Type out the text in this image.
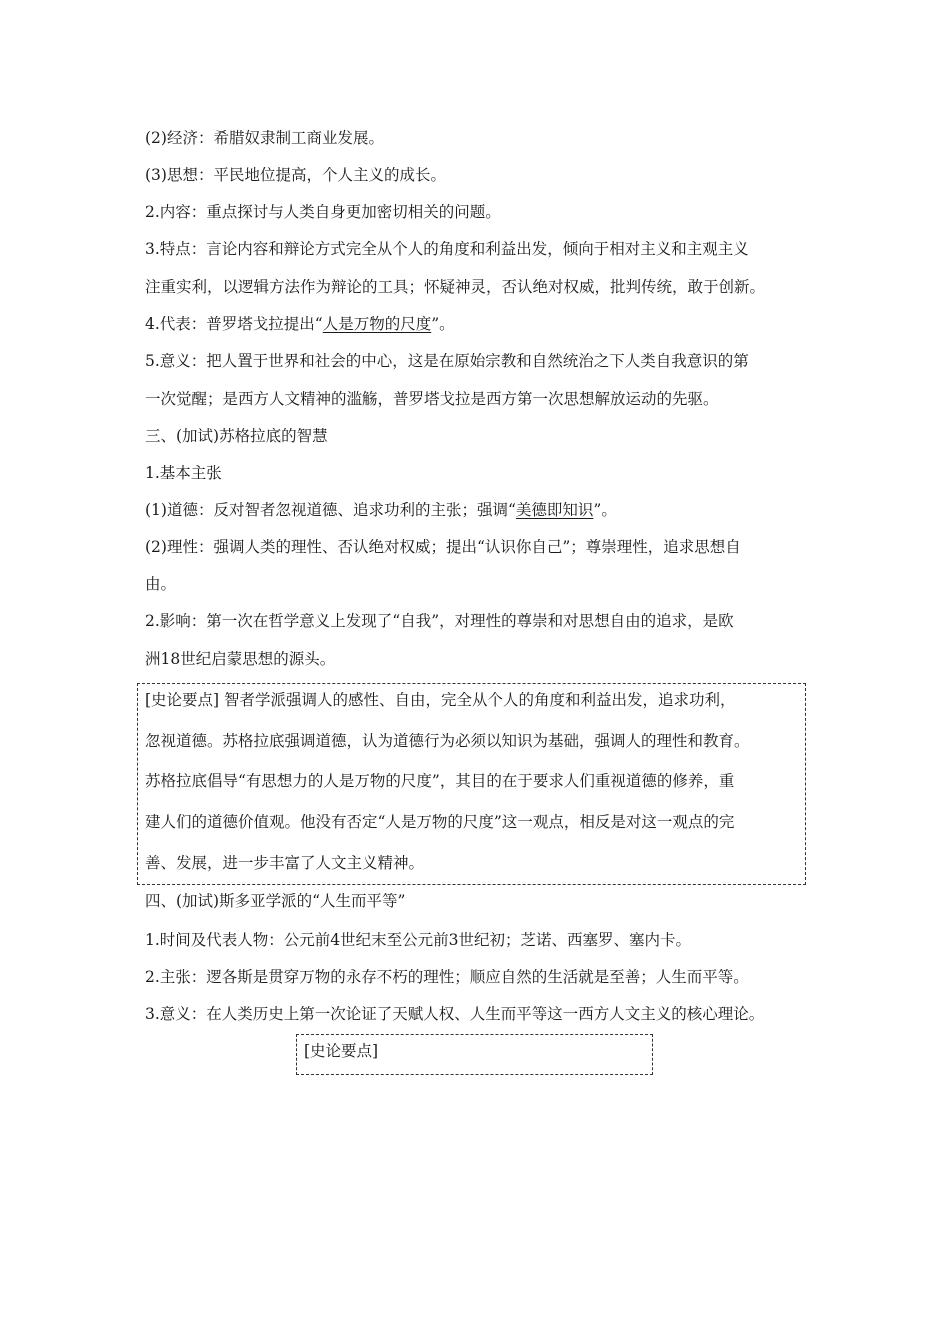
(2)经济：希腊奴隶制工商业发展。
(3)思想：平民地位提高，个人主义的成长。
2.内容：重点探讨与人类自身更加密切相关的问题。
3.特点：言论内容和辩论方式完全从个人的角度和利益出发，倾向于相对主义和主观主义
注重实利，以逻辑方法作为辩论的工具；怀疑神灵，否认绝对权威，批判传统，敢于创新。
4.代表：普罗塔戈拉提出“人是万物的尺度”。
5.意义：把人置于世界和社会的中心，这是在原始宗教和自然统治之下人类自我意识的第
一次觉醒；是西方人文精神的滥觞，普罗塔戈拉是西方第一次思想解放运动的先驱。
三、(加试)苏格拉底的智慧
1.基本主张
(1)道德：反对智者忽视道德、追求功利的主张；强调“美德即知识”。
(2)理性：强调人类的理性、否认绝对权威；提出“认识你自己”；尊崇理性，追求思想自
由。
2.影响：第一次在哲学意义上发现了“自我”，对理性的尊崇和对思想自由的追求，是欧
洲18世纪启蒙思想的源头。
[史论要点] 智者学派强调人的感性、自由，完全从个人的角度和利益出发，追求功利，
忽视道德。苏格拉底强调道德，认为道德行为必须以知识为基础，强调人的理性和教育。
苏格拉底倡导“有思想力的人是万物的尺度”，其目的在于要求人们重视道德的修养，重
建人们的道德价值观。他没有否定“人是万物的尺度”这一观点，相反是对这一观点的完
善、发展，进一步丰富了人文主义精神。
四、(加试)斯多亚学派的“人生而平等”
1.时间及代表人物：公元前4世纪末至公元前3世纪初；芝诺、西塞罗、塞内卡。
2.主张：逻各斯是贯穿万物的永存不朽的理性；顺应自然的生活就是至善；人生而平等。
3.意义：在人类历史上第一次论证了天赋人权、人生而平等这一西方人文主义的核心理论。
[史论要点]
